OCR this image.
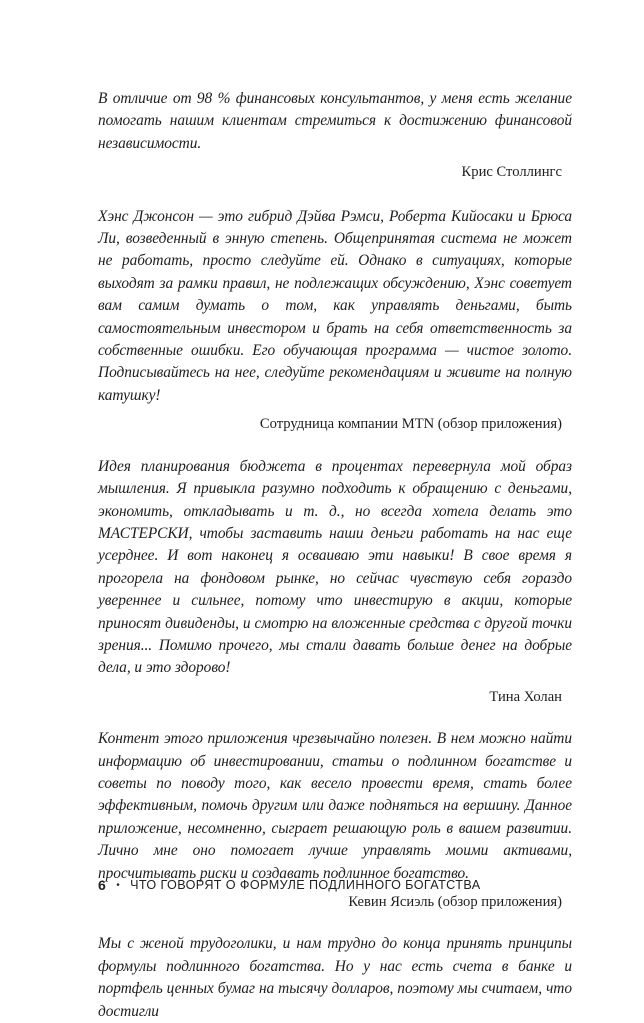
В отличие от 98 % финансовых консультантов, у меня есть желание помогать нашим клиентам стремиться к достижению финансовой независимости.

Крис Столлингс

Хэнс Джонсон — это гибрид Дэйва Рэмси, Роберта Кийосаки и Брюса Ли, возведенный в энную степень. Общепринятая система не может не работать, просто следуйте ей. Однако в ситуациях, которые выходят за рамки правил, не подлежащих обсуждению, Хэнс советует вам самим думать о том, как управлять деньгами, быть самостоятельным инвестором и брать на себя ответственность за собственные ошибки. Его обучающая программа — чистое золото. Подписывайтесь на нее, следуйте рекомендациям и живите на полную катушку!

Сотрудница компании MTN (обзор приложения)

Идея планирования бюджета в процентах перевернула мой образ мышления. Я привыкла разумно подходить к обращению с деньгами, экономить, откладывать и т. д., но всегда хотела делать это МАСТЕРСКИ, чтобы заставить наши деньги работать на нас еще усерднее. И вот наконец я осваиваю эти навыки! В свое время я прогорела на фондовом рынке, но сейчас чувствую себя гораздо увереннее и сильнее, потому что инвестирую в акции, которые приносят дивиденды, и смотрю на вложенные средства с другой точки зрения... Помимо прочего, мы стали давать больше денег на добрые дела, и это здорово!

Тина Холан

Контент этого приложения чрезвычайно полезен. В нем можно найти информацию об инвестировании, статьи о подлинном богатстве и советы по поводу того, как весело провести время, стать более эффективным, помочь другим или даже подняться на вершину. Данное приложение, несомненно, сыграет решающую роль в вашем развитии. Лично мне оно помогает лучше управлять моими активами, просчитывать риски и создавать подлинное богатство.

Кевин Ясиэль (обзор приложения)

Мы с женой трудоголики, и нам трудно до конца принять принципы формулы подлинного богатства. Но у нас есть счета в банке и портфель ценных бумаг на тысячу долларов, поэтому мы считаем, что достигли

6 • ЧТО ГОВОРЯТ О ФОРМУЛЕ ПОДЛИННОГО БОГАТСТВА
